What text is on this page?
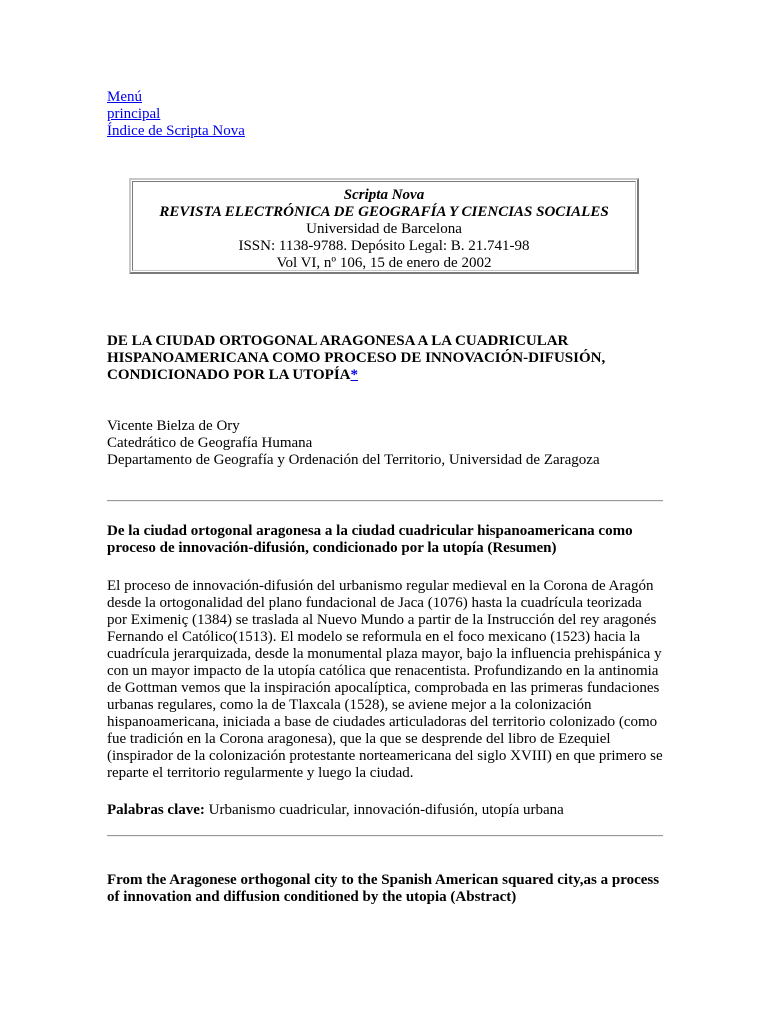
Menú
principal
Índice de Scripta Nova
Scripta Nova
REVISTA ELECTRÓNICA DE GEOGRAFÍA Y CIENCIAS SOCIALES
Universidad de Barcelona
ISSN: 1138-9788. Depósito Legal: B. 21.741-98
Vol VI, nº 106, 15 de enero de 2002
DE LA CIUDAD ORTOGONAL ARAGONESA A LA CUADRICULAR HISPANOAMERICANA COMO PROCESO DE INNOVACIÓN-DIFUSIÓN, CONDICIONADO POR LA UTOPÍA*
Vicente Bielza de Ory
Catedrático de Geografía Humana
Departamento de Geografía y Ordenación del Territorio, Universidad de Zaragoza
De la ciudad ortogonal aragonesa a la ciudad cuadricular hispanoamericana como proceso de innovación-difusión, condicionado por la utopía (Resumen)

El proceso de innovación-difusión del urbanismo regular medieval en la Corona de Aragón desde la ortogonalidad del plano fundacional de Jaca (1076) hasta la cuadrícula teorizada por Eximeniç (1384) se traslada al Nuevo Mundo a partir de la Instrucción del rey aragonés Fernando el Católico(1513). El modelo se reformula en el foco mexicano (1523) hacia la cuadrícula jerarquizada, desde la monumental plaza mayor, bajo la influencia prehispánica y con un mayor impacto de la utopía católica que renacentista. Profundizando en la antinomia de Gottman vemos que la inspiración apocalíptica, comprobada en las primeras fundaciones urbanas regulares, como la de Tlaxcala (1528), se aviene mejor a la colonización hispanoamericana, iniciada a base de ciudades articuladoras del territorio colonizado (como fue tradición en la Corona aragonesa), que la que se desprende del libro de Ezequiel (inspirador de la colonización protestante norteamericana del siglo XVIII) en que primero se reparte el territorio regularmente y luego la ciudad.

Palabras clave: Urbanismo cuadricular, innovación-difusión, utopía urbana

From the Aragonese orthogonal city to the Spanish American squared city,as a process of innovation and diffusion conditioned by the utopia (Abstract)
